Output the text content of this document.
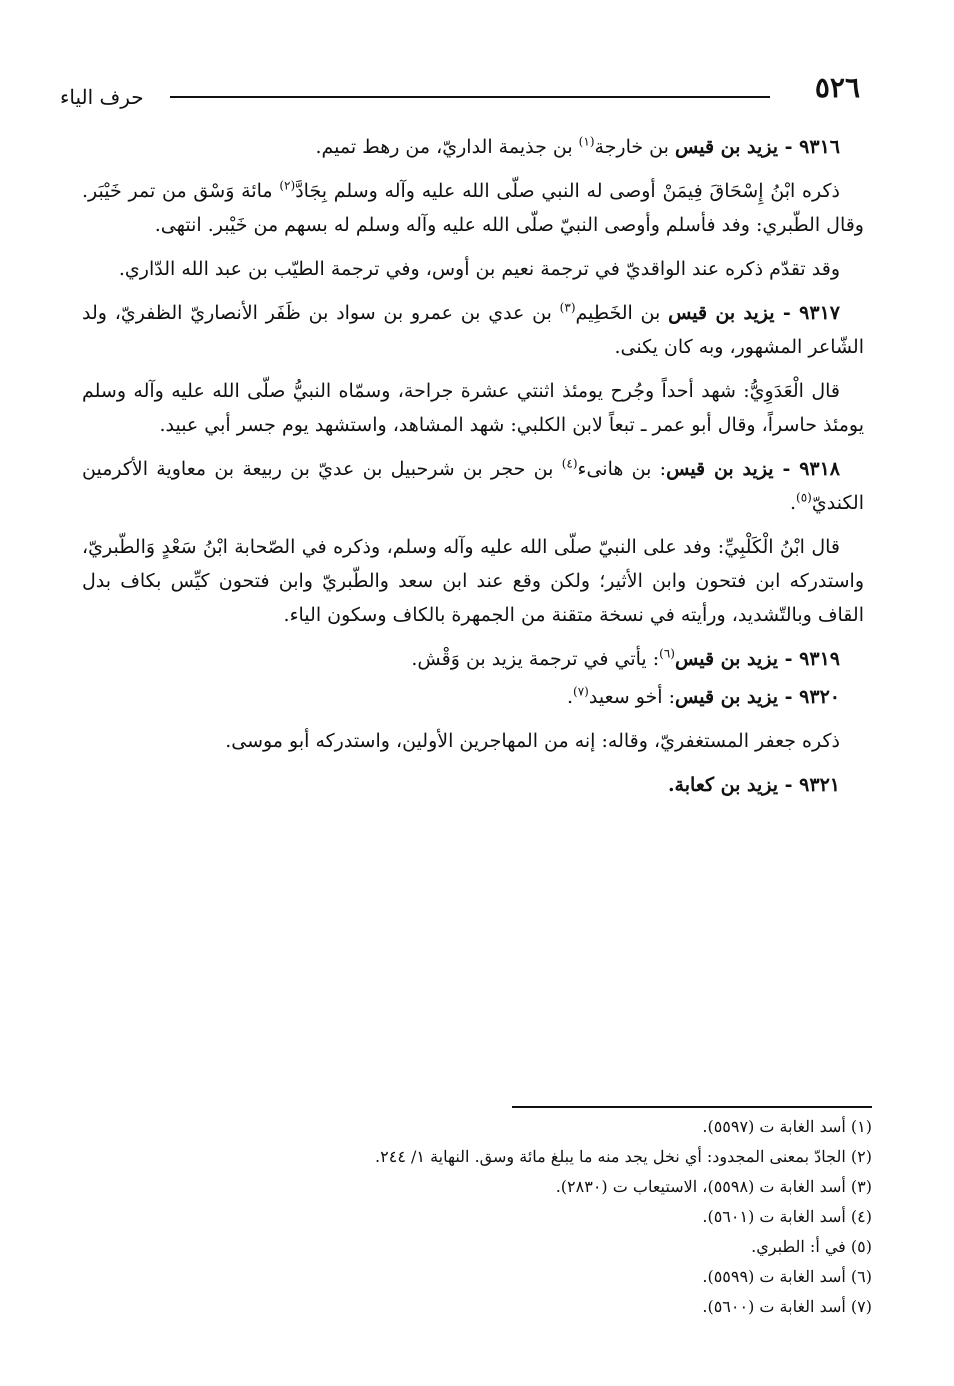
٥٢٦
حرف الياء

٩٣١٦ - يزيد بن قيس بن خارجة$^{(١)}$ بن جذيمة الداريّ، من رهط تميم.

ذكره ابْنُ إِسْحَاقَ فِيمَنْ أوصى له النبي صلّى الله عليه وآله وسلم بِجَادَّ$^{(٢)}$ مائة وَسْق من تمر خَيْبَر. وقال الطّبري: وفد فأسلم وأوصى النبيّ صلّى الله عليه وآله وسلم له بسهم من خَيْبر. انتهى.

وقد تقدّم ذكره عند الواقديّ في ترجمة نعيم بن أوس، وفي ترجمة الطيّب بن عبد الله الدّاري.

٩٣١٧ - يزيد بن قيس بن الخَطِيم$^{(٣)}$ بن عدي بن عمرو بن سواد بن ظَفَر الأنصاريّ الظفريّ، ولد الشّاعر المشهور، وبه كان يكنى.

قال الْعَدَوِيُّ: شهد أحداً وجُرح يومئذ اثنتي عشرة جراحة، وسمّاه النبيُّ صلّى الله عليه وآله وسلم يومئذ حاسراً، وقال أبو عمر ـ تبعاً لابن الكلبي: شهد المشاهد، واستشهد يوم جسر أبي عبيد.

٩٣١٨ - يزيد بن قيس: بن هانىء$^{(٤)}$ بن حجر بن شرحبيل بن عديّ بن ربيعة بن معاوية الأكرمين الكنديّ$^{(٥)}$.

قال ابْنُ الْكَلْبِيِّ: وفد على النبيّ صلّى الله عليه وآله وسلم، وذكره في الصّحابة ابْنُ سَعْدٍ وَالطّبريّ، واستدركه ابن فتحون وابن الأثير؛ ولكن وقع عند ابن سعد والطّبريّ وابن فتحون كيِّس بكاف بدل القاف وبالتّشديد، ورأيته في نسخة متقنة من الجمهرة بالكاف وسكون الياء.

٩٣١٩ - يزيد بن قيس$^{(٦)}$: يأتي في ترجمة يزيد بن وَقْش.

٩٣٢٠ - يزيد بن قيس: أخو سعيد$^{(٧)}$.

ذكره جعفر المستغفريّ، وقاله: إنه من المهاجرين الأولين، واستدركه أبو موسى.

٩٣٢١ - يزيد بن كعابة.

(١) أسد الغابة ت (٥٥٩٧).

(٢) الجادّ بمعنى المجدود: أي نخل يجد منه ما يبلغ مائة وسق. النهاية ١/ ٢٤٤.

(٣) أسد الغابة ت (٥٥٩٨)، الاستيعاب ت (٢٨٣٠).

(٤) أسد الغابة ت (٥٦٠١).

(٥) في أ: الطبري.

(٦) أسد الغابة ت (٥٥٩٩).

(٧) أسد الغابة ت (٥٦٠٠).
